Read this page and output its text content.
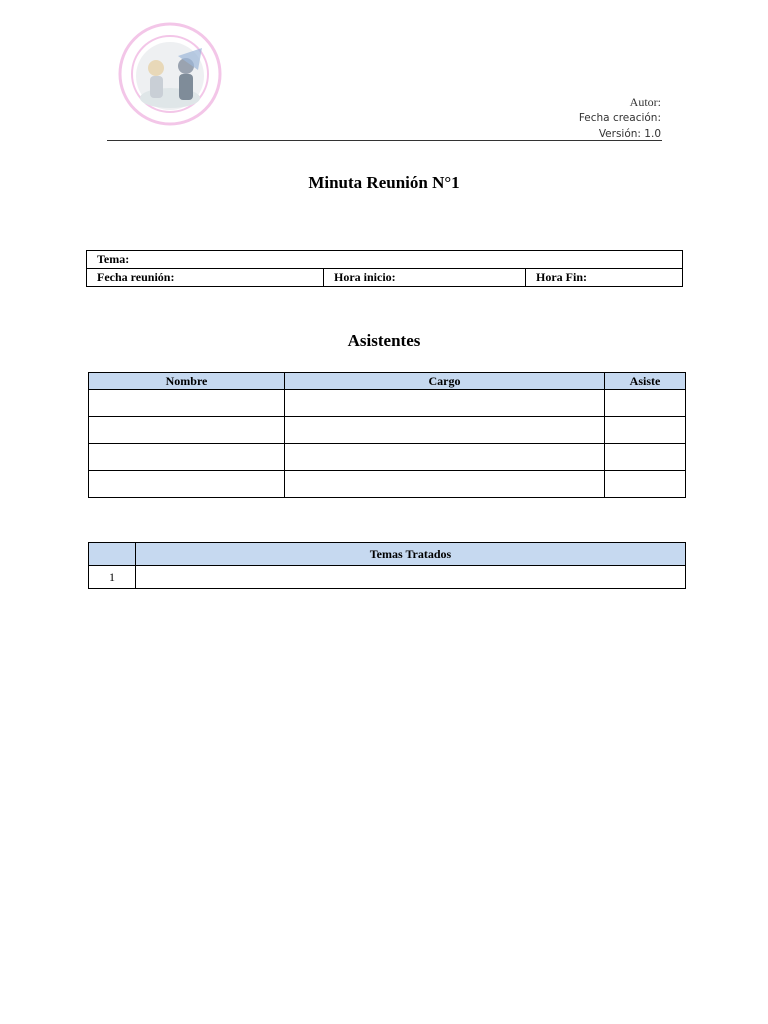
Autor:
Fecha creación:
Versión: 1.0
Minuta Reunión N°1
Tema:
Fecha reunión:	Hora inicio:	Hora Fin:
Asistentes
Nombre	Cargo	Asiste

	Temas Tratados
1	
